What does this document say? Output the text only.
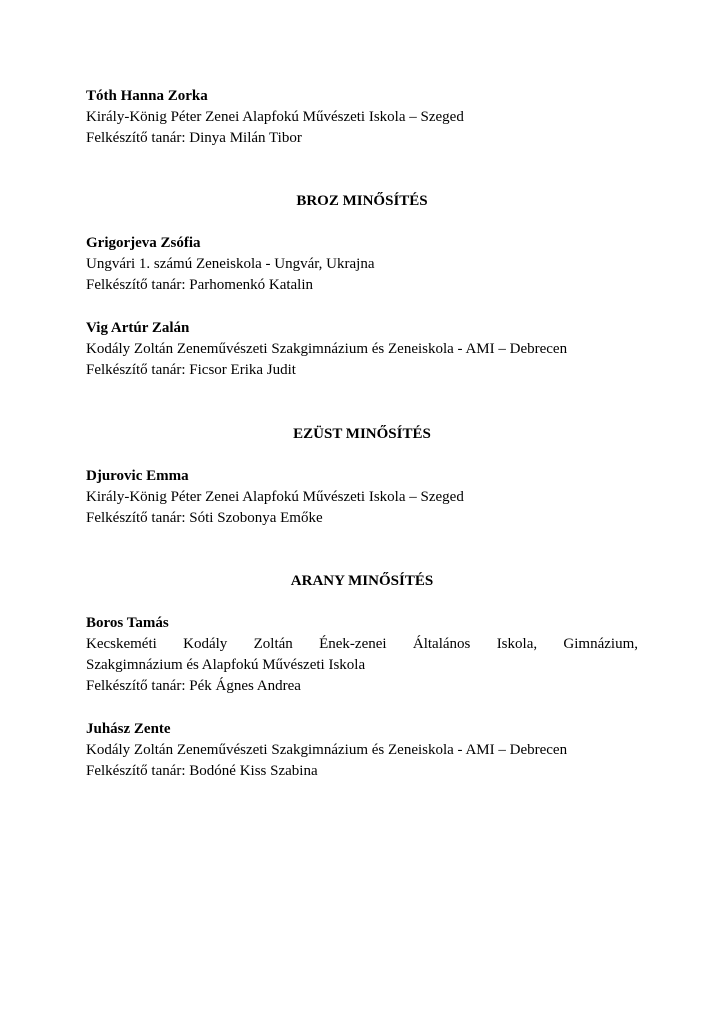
Tóth Hanna Zorka
Király-König Péter Zenei Alapfokú Művészeti Iskola – Szeged
Felkészítő tanár: Dinya Milán Tibor
BROZ MINŐSÍTÉS
Grigorjeva Zsófia
Ungvári 1. számú Zeneiskola - Ungvár, Ukrajna
Felkészítő tanár: Parhomenkó Katalin
Vig Artúr Zalán
Kodály Zoltán Zeneművészeti Szakgimnázium és Zeneiskola - AMI – Debrecen
Felkészítő tanár: Ficsor Erika Judit
EZÜST MINŐSÍTÉS
Djurovic Emma
Király-König Péter Zenei Alapfokú Művészeti Iskola – Szeged
Felkészítő tanár: Sóti Szobonya Emőke
ARANY MINŐSÍTÉS
Boros Tamás
Kecskeméti Kodály Zoltán Ének-zenei Általános Iskola, Gimnázium,
Szakgimnázium és Alapfokú Művészeti Iskola
Felkészítő tanár: Pék Ágnes Andrea
Juhász Zente
Kodály Zoltán Zeneművészeti Szakgimnázium és Zeneiskola - AMI – Debrecen
Felkészítő tanár: Bodóné Kiss Szabina
